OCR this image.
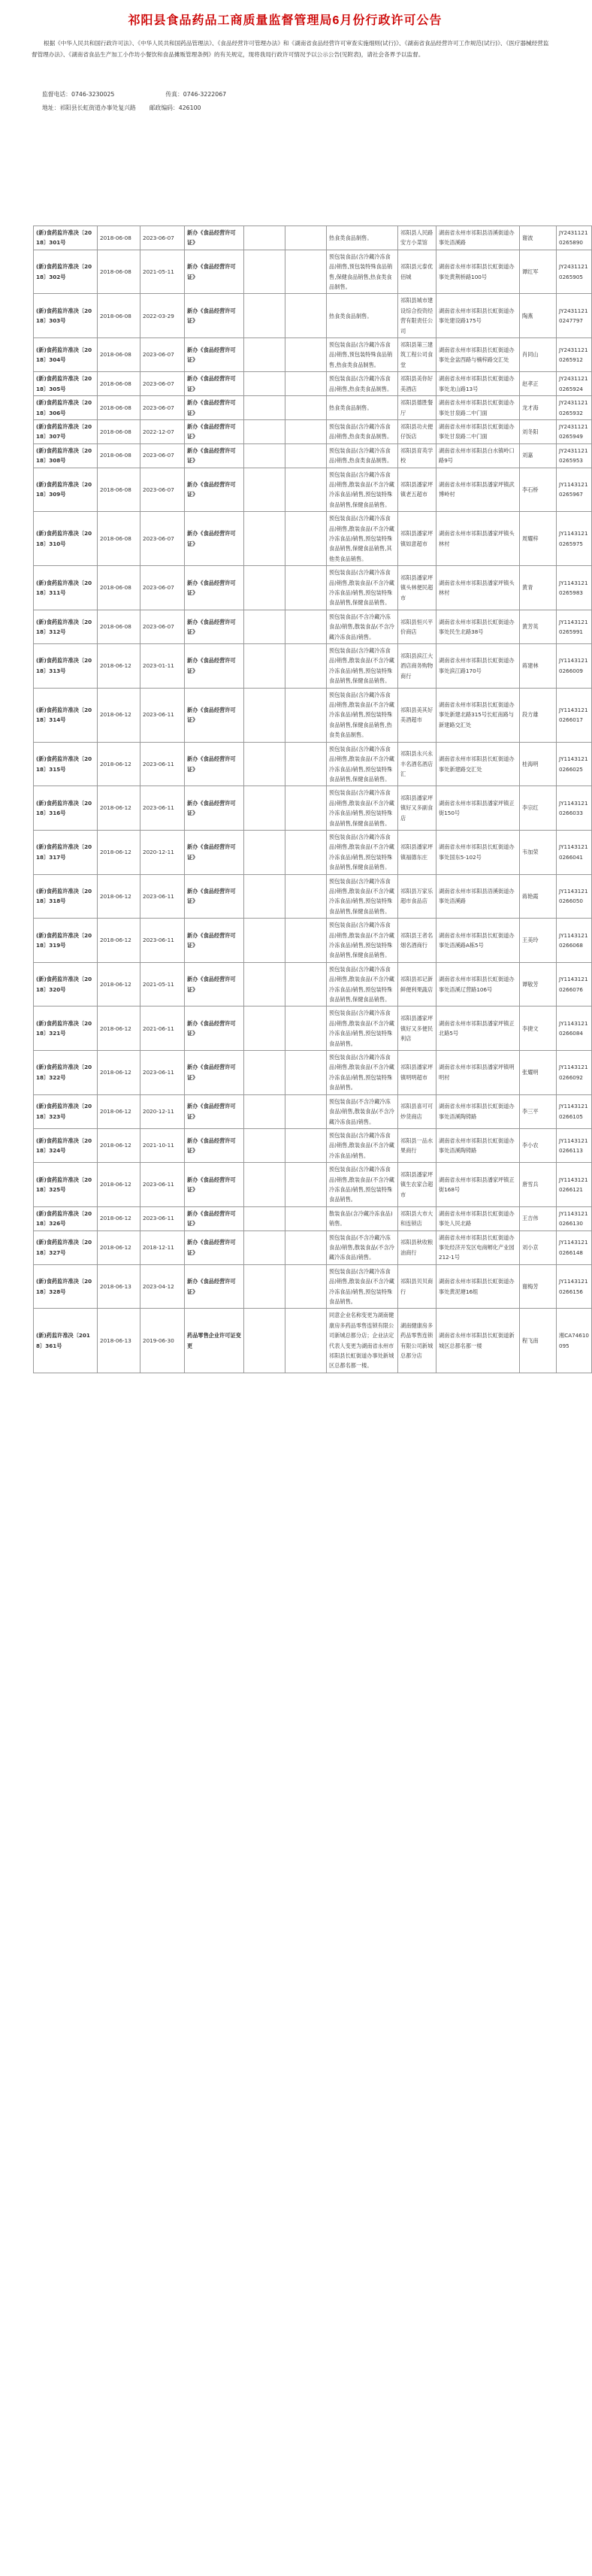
祁阳县食品药品工商质量监督管理局6月份行政许可公告
根据《中华人民共和国行政许可法》、《中华人民共和国药品管理法》、《食品经营许可管理办法》和《湖南省食品经营许可审查实施细则(试行)》、《湖南省食品经营许可工作规范(试行)》、《医疗器械经营监督管理办法》、《湖南省食品生产加工小作坊小餐饮和食品摊贩管理条例》的有关规定，现将我局行政许可情况予以公示公告(见附表)，请社会各界予以监督。
监督电话：0746-3230025	传真：0746-3222067
地址：祁阳县长虹街道办事处复兴路 邮政编码：426100
(新)食药监许准决〔2018〕301号	2018-06-08	2023-06-07	新办《食品经营许可证》			热食类食品制售。	祁阳县人民路安方小菜馆	湖南省永州市祁阳县浯溪街道办事处浯溪路	谢波	JY24311210265890
(新)食药监许准决〔2018〕302号	2018-06-08	2021-05-11	新办《食品经营许可证》			预包装食品(含冷藏冷冻食品)销售,预包装特殊食品销售,保健食品销售,热食类食品制售。	祁阳县元泰优佰城	湖南省永州市祁阳县长虹街道办事处黄荆桥路100号	谭红军	JY24311210265905
(新)食药监许准决〔2018〕303号	2018-06-08	2022-03-29	新办《食品经营许可证》			热食类食品制售。	祁阳县城市建设综合投资经营有限责任公司	湖南省永州市祁阳县长虹街道办事处建设路175号	陶燕	JY24311210247797
(新)食药监许准决〔2018〕304号	2018-06-08	2023-06-07	新办《食品经营许可证》			预包装食品(含冷藏冷冻食品)销售,预包装特殊食品销售,热食类食品制售。	祁阳县第三建筑工程公司食堂	湖南省永州市祁阳县长虹街道办事处金盆西路与楠梓路交汇处	肖同山	JY24311210265912
(新)食药监许准决〔2018〕305号	2018-06-08	2023-06-07	新办《食品经营许可证》			预包装食品(含冷藏冷冻食品)销售,热食类食品制售。	祁阳县美你好美酒店	湖南省永州市祁阳县长虹街道办事处龙山路13号	赵孝正	JY24311210265924
(新)食药监许准决〔2018〕306号	2018-06-08	2023-06-07	新办《食品经营许可证》			热食类食品制售。	祁阳县德胜餐厅	湖南省永州市祁阳县长虹街道办事处甘泉路二中门面	龙才海	JY24311210265932
(新)食药监许准决〔2018〕307号	2018-06-08	2022-12-07	新办《食品经营许可证》			预包装食品(含冷藏冷冻食品)销售,热食类食品制售。	祁阳县功夫便仔饭店	湖南省永州市祁阳县长虹街道办事处甘泉路二中门面	刘冬阳	JY24311210265949
(新)食药监许准决〔2018〕308号	2018-06-08	2023-06-07	新办《食品经营许可证》			预包装食品(含冷藏冷冻食品)销售,热食类食品制售。	祁阳县育英学校	湖南省永州市祁阳县白水镇岭口路9号	刘嘉	JY24311210265953
(新)食药监许准决〔2018〕309号	2018-06-08	2023-06-07	新办《食品经营许可证》			预包装食品(含冷藏冷冻食品)销售,散装食品(不含冷藏冷冻食品)销售,预包装特殊食品销售,保健食品销售。	祁阳县潘家坪镇老五超市	湖南省永州市祁阳县潘家坪镇武博岭村	李石桥	JY11431210265967
(新)食药监许准决〔2018〕310号	2018-06-08	2023-06-07	新办《食品经营许可证》			预包装食品(含冷藏冷冻食品)销售,散装食品(不含冷藏冷冻食品)销售,预包装特殊食品销售,保健食品销售,其他类食品销售。	祁阳县潘家坪镇如意超市	湖南省永州市祁阳县潘家坪镇头林村	周耀梓	JY11431210265975
(新)食药监许准决〔2018〕311号	2018-06-08	2023-06-07	新办《食品经营许可证》			预包装食品(含冷藏冷冻食品)销售,散装食品(不含冷藏冷冻食品)销售,预包装特殊食品销售,保健食品销售。	祁阳县潘家坪镇头林便民超市	湖南省永州市祁阳县潘家坪镇头林村	黄青	JY11431210265983
(新)食药监许准决〔2018〕312号	2018-06-08	2023-06-07	新办《食品经营许可证》			预包装食品(不含冷藏冷冻食品)销售,散装食品(不含冷藏冷冻食品)销售。	祁阳县恒兴平价商店	湖南省永州市祁阳县长虹街道办事处民生北路38号	黄芳英	JY11431210265991
(新)食药监许准决〔2018〕313号	2018-06-12	2023-01-11	新办《食品经营许可证》			预包装食品(含冷藏冷冻食品)销售,散装食品(不含冷藏冷冻食品)销售,预包装特殊食品销售,保健食品销售。	祁阳县滨江大酒店商务购物商行	湖南省永州市祁阳县长虹街道办事处滨江路170号	蒋建林	JY11431210266009
(新)食药监许准决〔2018〕314号	2018-06-12	2023-06-11	新办《食品经营许可证》			预包装食品(含冷藏冷冻食品)销售,散装食品(不含冷藏冷冻食品)销售,预包装特殊食品销售,保健食品销售,热食类食品制售。	祁阳县美其好美酒超市	湖南省永州市祁阳县长虹街道办事处新建北路315号长虹南路与新建路交汇处	段方雄	JY11431210266017
(新)食药监许准决〔2018〕315号	2018-06-12	2023-06-11	新办《食品经营许可证》			预包装食品(含冷藏冷冻食品)销售,散装食品(不含冷藏冷冻食品)销售,预包装特殊食品销售,保健食品销售。	祁阳县永兴永丰名酒名酒店汇	湖南省永州市祁阳县长虹街道办事处新建路交汇处	桂海明	JY11431210266025
(新)食药监许准决〔2018〕316号	2018-06-12	2023-06-11	新办《食品经营许可证》			预包装食品(含冷藏冷冻食品)销售,散装食品(不含冷藏冷冻食品)销售,预包装特殊食品销售,保健食品销售。	祁阳县潘家坪镇好又多副食店	湖南省永州市祁阳县潘家坪镇正街150号	李宗红	JY11431210266033
(新)食药监许准决〔2018〕317号	2018-06-12	2020-12-11	新办《食品经营许可证》			预包装食品(含冷藏冷冻食品)销售,散装食品(不含冷藏冷冻食品)销售,预包装特殊食品销售,保健食品销售。	祁阳县潘家坪镇福德东庄	湖南省永州市祁阳县长虹街道办事处国东5-102号	韦加荣	JY11431210266041
(新)食药监许准决〔2018〕318号	2018-06-12	2023-06-11	新办《食品经营许可证》			预包装食品(含冷藏冷冻食品)销售,散装食品(不含冷藏冷冻食品)销售,预包装特殊食品销售,保健食品销售。	祁阳县万家乐超市食品店	湖南省永州市祁阳县浯溪街道办事处浯溪路	蒋艳霞	JY11431210266050
(新)食药监许准决〔2018〕319号	2018-06-12	2023-06-11	新办《食品经营许可证》			预包装食品(含冷藏冷冻食品)销售,散装食品(不含冷藏冷冻食品)销售,预包装特殊食品销售,保健食品销售。	祁阳县王者名烟名酒商行	湖南省永州市祁阳县长虹街道办事处浯溪路A栋5号	王美玲	JY11431210266068
(新)食药监许准决〔2018〕320号	2018-06-12	2021-05-11	新办《食品经营许可证》			预包装食品(含冷藏冷冻食品)销售,散装食品(不含冷藏冷冻食品)销售,预包装特殊食品销售,保健食品销售。	祁阳县祁记新鲜便利果蔬店	湖南省永州市祁阳县长虹街道办事处浯溪辽营路106号	谭敬芳	JY11431210266076
(新)食药监许准决〔2018〕321号	2018-06-12	2021-06-11	新办《食品经营许可证》			预包装食品(含冷藏冷冻食品)销售,散装食品(不含冷藏冷冻食品)销售,预包装特殊食品销售。	祁阳县潘家坪镇好又多便民利店	湖南省永州市祁阳县潘家坪镇正北路5号	李捷文	JY11431210266084
(新)食药监许准决〔2018〕322号	2018-06-12	2023-06-11	新办《食品经营许可证》			预包装食品(含冷藏冷冻食品)销售,散装食品(不含冷藏冷冻食品)销售,预包装特殊食品销售。	祁阳县潘家坪镇明明超市	湖南省永州市祁阳县潘家坪镇明明村	张耀明	JY11431210266092
(新)食药监许准决〔2018〕323号	2018-06-12	2020-12-11	新办《食品经营许可证》			预包装食品(不含冷藏冷冻食品)销售,散装食品(不含冷藏冷冻食品)销售。	祁阳县喜可可炒货商店	湖南省永州市祁阳县长虹街道办事处浯溪陶铸路	李三平	JY11431210266105
(新)食药监许准决〔2018〕324号	2018-06-12	2021-10-11	新办《食品经营许可证》			预包装食品(含冷藏冷冻食品)销售,散装食品(不含冷藏冷冻食品)销售。	祁阳县一品水果商行	湖南省永州市祁阳县长虹街道办事处浯溪陶铸路	李小农	JY11431210266113
(新)食药监许准决〔2018〕325号	2018-06-12	2023-06-11	新办《食品经营许可证》			预包装食品(含冷藏冷冻食品)销售,散装食品(不含冷藏冷冻食品)销售,预包装特殊食品销售。	祁阳县潘家坪镇生农家合超市	湖南省永州市祁阳县潘家坪镇正街168号	唐雪兵	JY11431210266121
(新)食药监许准决〔2018〕326号	2018-06-12	2023-06-11	新办《食品经营许可证》			散装食品(含冷藏冷冻食品)销售。	祁阳县大市大和连锁店	湖南省永州市祁阳县长虹街道办事处人民北路	王吉伟	JY11431210266130
(新)食药监许准决〔2018〕327号	2018-06-12	2018-12-11	新办《食品经营许可证》			预包装食品(不含冷藏冷冻食品)销售,散装食品(不含冷藏冷冻食品)销售。	祁阳县秋收粮油商行	湖南省永州市祁阳县长虹街道办事处经济开发区电商孵化产业园212-1号	刘小京	JY11431210266148
(新)食药监许准决〔2018〕328号	2018-06-13	2023-04-12	新办《食品经营许可证》			预包装食品(含冷藏冷冻食品)销售,散装食品(不含冷藏冷冻食品)销售,预包装特殊食品销售。	祁阳县贝贝商行	湖南省永州市祁阳县长虹街道办事处黄泥塘16组	谢梅芳	JY11431210266156
(新)药监许准决〔2018〕361号	2018-06-13	2019-06-30	药品零售企业许可证变更			同意企业名称变更为湖南健康房多药品零售连锁有限公司新城总都分店；企业法定代表人变更为湖南省永州市祁阳县长虹街道办事处新城区总都名都一楼。	湖南健康房多药品零售连锁有限公司新城总都分店	湖南省永州市祁阳县长虹街道新城区总都名都一楼	程飞南	湘CA74610095
